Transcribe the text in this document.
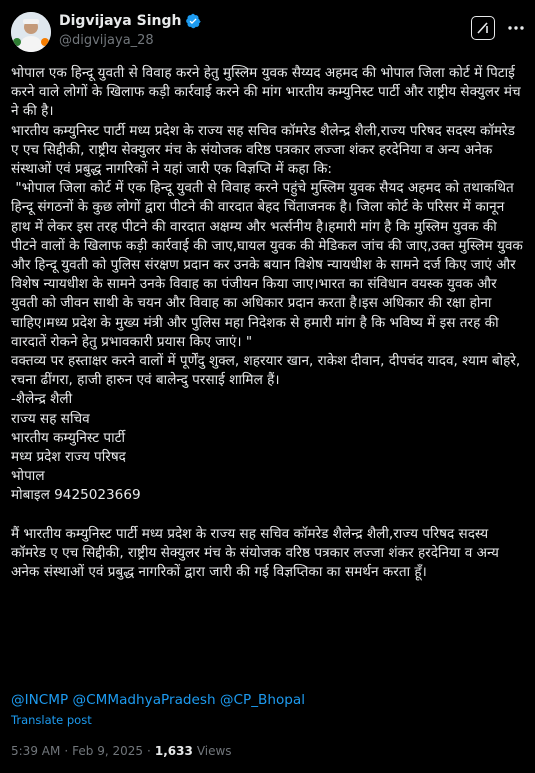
Digvijaya Singh
@digvijaya_28
भोपाल एक हिन्दू युवती से विवाह करने हेतु मुस्लिम युवक सैय्यद अहमद की भोपाल जिला कोर्ट में पिटाई करने वाले लोगों के खिलाफ कड़ी कार्रवाई करने की मांग भारतीय कम्युनिस्ट पार्टी और राष्ट्रीय सेक्युलर मंच ने की है।
भारतीय कम्युनिस्ट पार्टी मध्य प्रदेश के राज्य सह सचिव कॉमरेड शैलेन्द्र शैली,राज्य परिषद सदस्य कॉमरेड ए एच सिद्दीकी, राष्ट्रीय सेक्युलर मंच के संयोजक वरिष्ठ पत्रकार लज्जा शंकर हरदेनिया व अन्य अनेक संस्थाओं एवं प्रबुद्ध नागरिकों ने यहां जारी एक विज्ञप्ति में कहा कि:
"भोपाल जिला कोर्ट में एक हिन्दू युवती से विवाह करने पहुंचे मुस्लिम युवक सैयद अहमद को तथाकथित हिन्दू संगठनों के कुछ लोगों द्वारा पीटने की वारदात बेहद चिंताजनक है। जिला कोर्ट के परिसर में कानून हाथ में लेकर इस तरह पीटने की वारदात अक्षम्य और भर्त्सनीय है।हमारी मांग है कि मुस्लिम युवक की पीटने वालों के खिलाफ कड़ी कार्रवाई की जाए,घायल युवक की मेडिकल जांच की जाए,उक्त मुस्लिम युवक और हिन्दू युवती को पुलिस संरक्षण प्रदान कर उनके बयान विशेष न्यायधीश के सामने दर्ज किए जाएं और विशेष न्यायधीश के सामने उनके विवाह का पंजीयन किया जाए।भारत का संविधान वयस्क युवक और युवती को जीवन साथी के चयन और विवाह का अधिकार प्रदान करता है।इस अधिकार की रक्षा होना चाहिए।मध्य प्रदेश के मुख्य मंत्री और पुलिस महा निदेशक से हमारी मांग है कि भविष्य में इस तरह की वारदातें रोकने हेतु प्रभावकारी प्रयास किए जाएं। "
वक्तव्य पर हस्ताक्षर करने वालों में पूर्णेंदु शुक्ल, शहरयार खान, राकेश दीवान, दीपचंद यादव, श्याम बोहरे, रचना ढींगरा, हाजी हारुन एवं बालेन्दु परसाई शामिल हैं।
-शैलेन्द्र शैली
राज्य सह सचिव
भारतीय कम्युनिस्ट पार्टी
मध्य प्रदेश राज्य परिषद
भोपाल
मोबाइल 9425023669

मैं भारतीय कम्युनिस्ट पार्टी मध्य प्रदेश के राज्य सह सचिव कॉमरेड शैलेन्द्र शैली,राज्य परिषद सदस्य कॉमरेड ए एच सिद्दीकी, राष्ट्रीय सेक्युलर मंच के संयोजक वरिष्ठ पत्रकार लज्जा शंकर हरदेनिया व अन्य अनेक संस्थाओं एवं प्रबुद्ध नागरिकों द्वारा जारी की गई विज्ञप्तिका का समर्थन करता हूँ।
@INCMP @CMMadhyaPradesh @CP_Bhopal
Translate post
5:39 AM · Feb 9, 2025 · 1,633 Views
